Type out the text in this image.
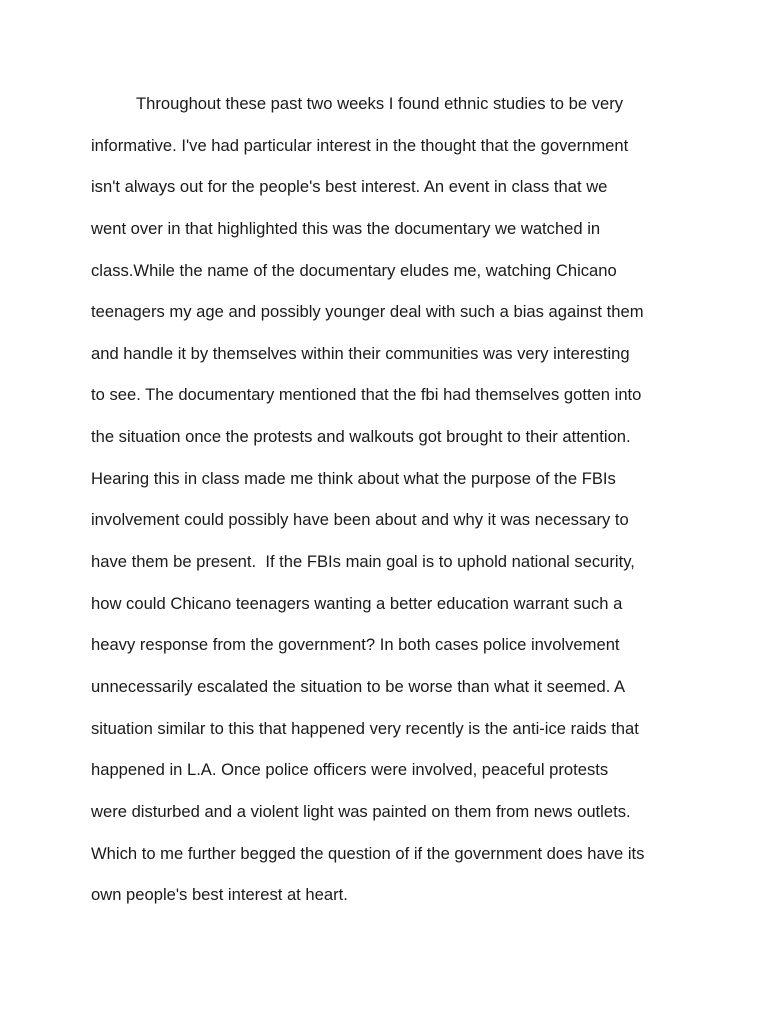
Throughout these past two weeks I found ethnic studies to be very
informative. I've had particular interest in the thought that the government
isn't always out for the people's best interest. An event in class that we
went over in that highlighted this was the documentary we watched in
class.While the name of the documentary eludes me, watching Chicano
teenagers my age and possibly younger deal with such a bias against them
and handle it by themselves within their communities was very interesting
to see. The documentary mentioned that the fbi had themselves gotten into
the situation once the protests and walkouts got brought to their attention.
Hearing this in class made me think about what the purpose of the FBIs
involvement could possibly have been about and why it was necessary to
have them be present.  If the FBIs main goal is to uphold national security,
how could Chicano teenagers wanting a better education warrant such a
heavy response from the government? In both cases police involvement
unnecessarily escalated the situation to be worse than what it seemed. A
situation similar to this that happened very recently is the anti-ice raids that
happened in L.A. Once police officers were involved, peaceful protests
were disturbed and a violent light was painted on them from news outlets.
Which to me further begged the question of if the government does have its
own people's best interest at heart.
